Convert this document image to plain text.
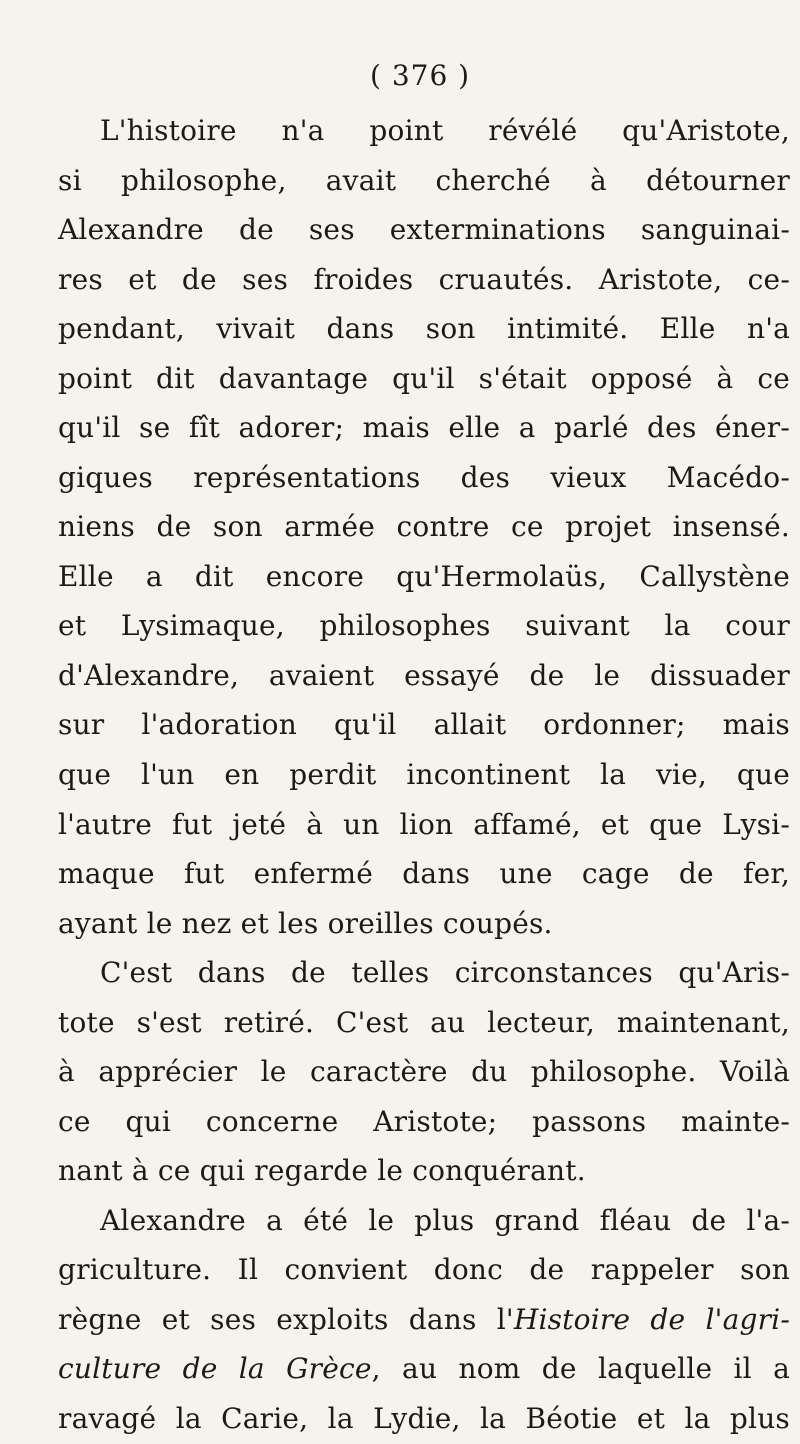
( 376 )

L'histoire n'a point révélé qu'Aristote,

si philosophe, avait cherché à détourner

Alexandre de ses exterminations sanguinai-

res et de ses froides cruautés. Aristote, ce-

pendant, vivait dans son intimité. Elle n'a

point dit davantage qu'il s'était opposé à ce

qu'il se fît adorer; mais elle a parlé des éner-

giques représentations des vieux Macédo-

niens de son armée contre ce projet insensé.

Elle a dit encore qu'Hermolaüs, Callystène

et Lysimaque, philosophes suivant la cour

d'Alexandre, avaient essayé de le dissuader

sur l'adoration qu'il allait ordonner; mais

que l'un en perdit incontinent la vie, que

l'autre fut jeté à un lion affamé, et que Lysi-

maque fut enfermé dans une cage de fer,

ayant le nez et les oreilles coupés.

C'est dans de telles circonstances qu'Aris-

tote s'est retiré. C'est au lecteur, maintenant,

à apprécier le caractère du philosophe. Voilà

ce qui concerne Aristote; passons mainte-

nant à ce qui regarde le conquérant.

Alexandre a été le plus grand fléau de l'a-

griculture. Il convient donc de rappeler son

règne et ses exploits dans l'Histoire de l'agri-

culture de la Grèce, au nom de laquelle il a

ravagé la Carie, la Lydie, la Béotie et la plus
